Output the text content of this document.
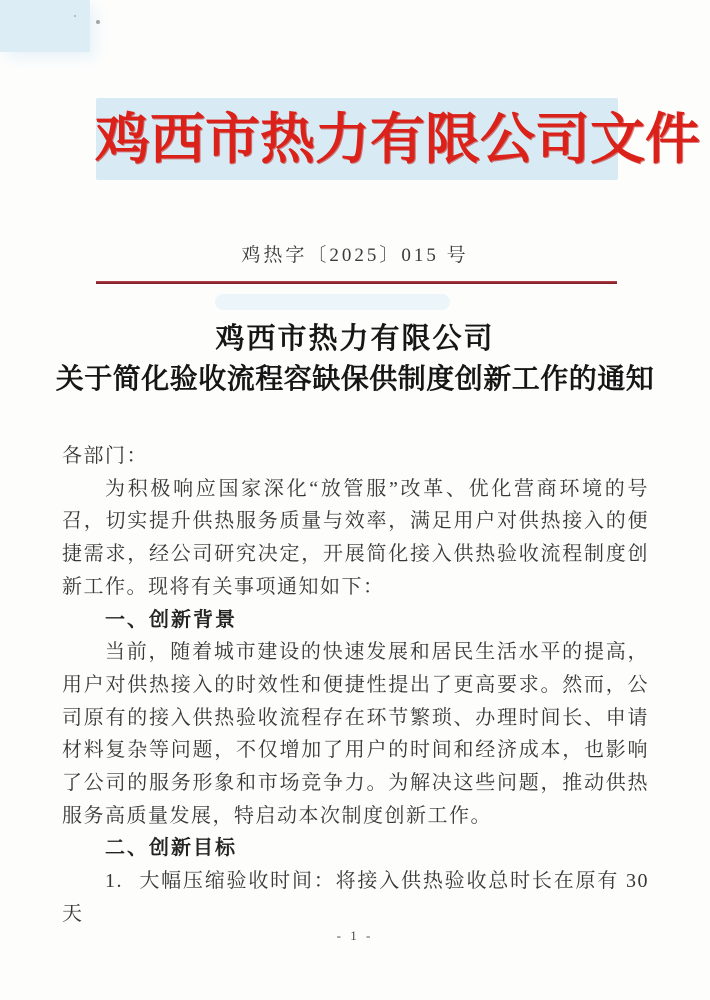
鸡西市热力有限公司文件
鸡热字〔2025〕015 号
鸡西市热力有限公司
关于简化验收流程容缺保供制度创新工作的通知

各部门：

为积极响应国家深化“放管服”改革、优化营商环境的号召，切实提升供热服务质量与效率，满足用户对供热接入的便捷需求，经公司研究决定，开展简化接入供热验收流程制度创新工作。现将有关事项通知如下：

一、创新背景

当前，随着城市建设的快速发展和居民生活水平的提高，用户对供热接入的时效性和便捷性提出了更高要求。然而，公司原有的接入供热验收流程存在环节繁琐、办理时间长、申请材料复杂等问题，不仅增加了用户的时间和经济成本，也影响了公司的服务形象和市场竞争力。为解决这些问题，推动供热服务高质量发展，特启动本次制度创新工作。

二、创新目标

1. 大幅压缩验收时间：将接入供热验收总时长在原有 30 天

- 1 -
